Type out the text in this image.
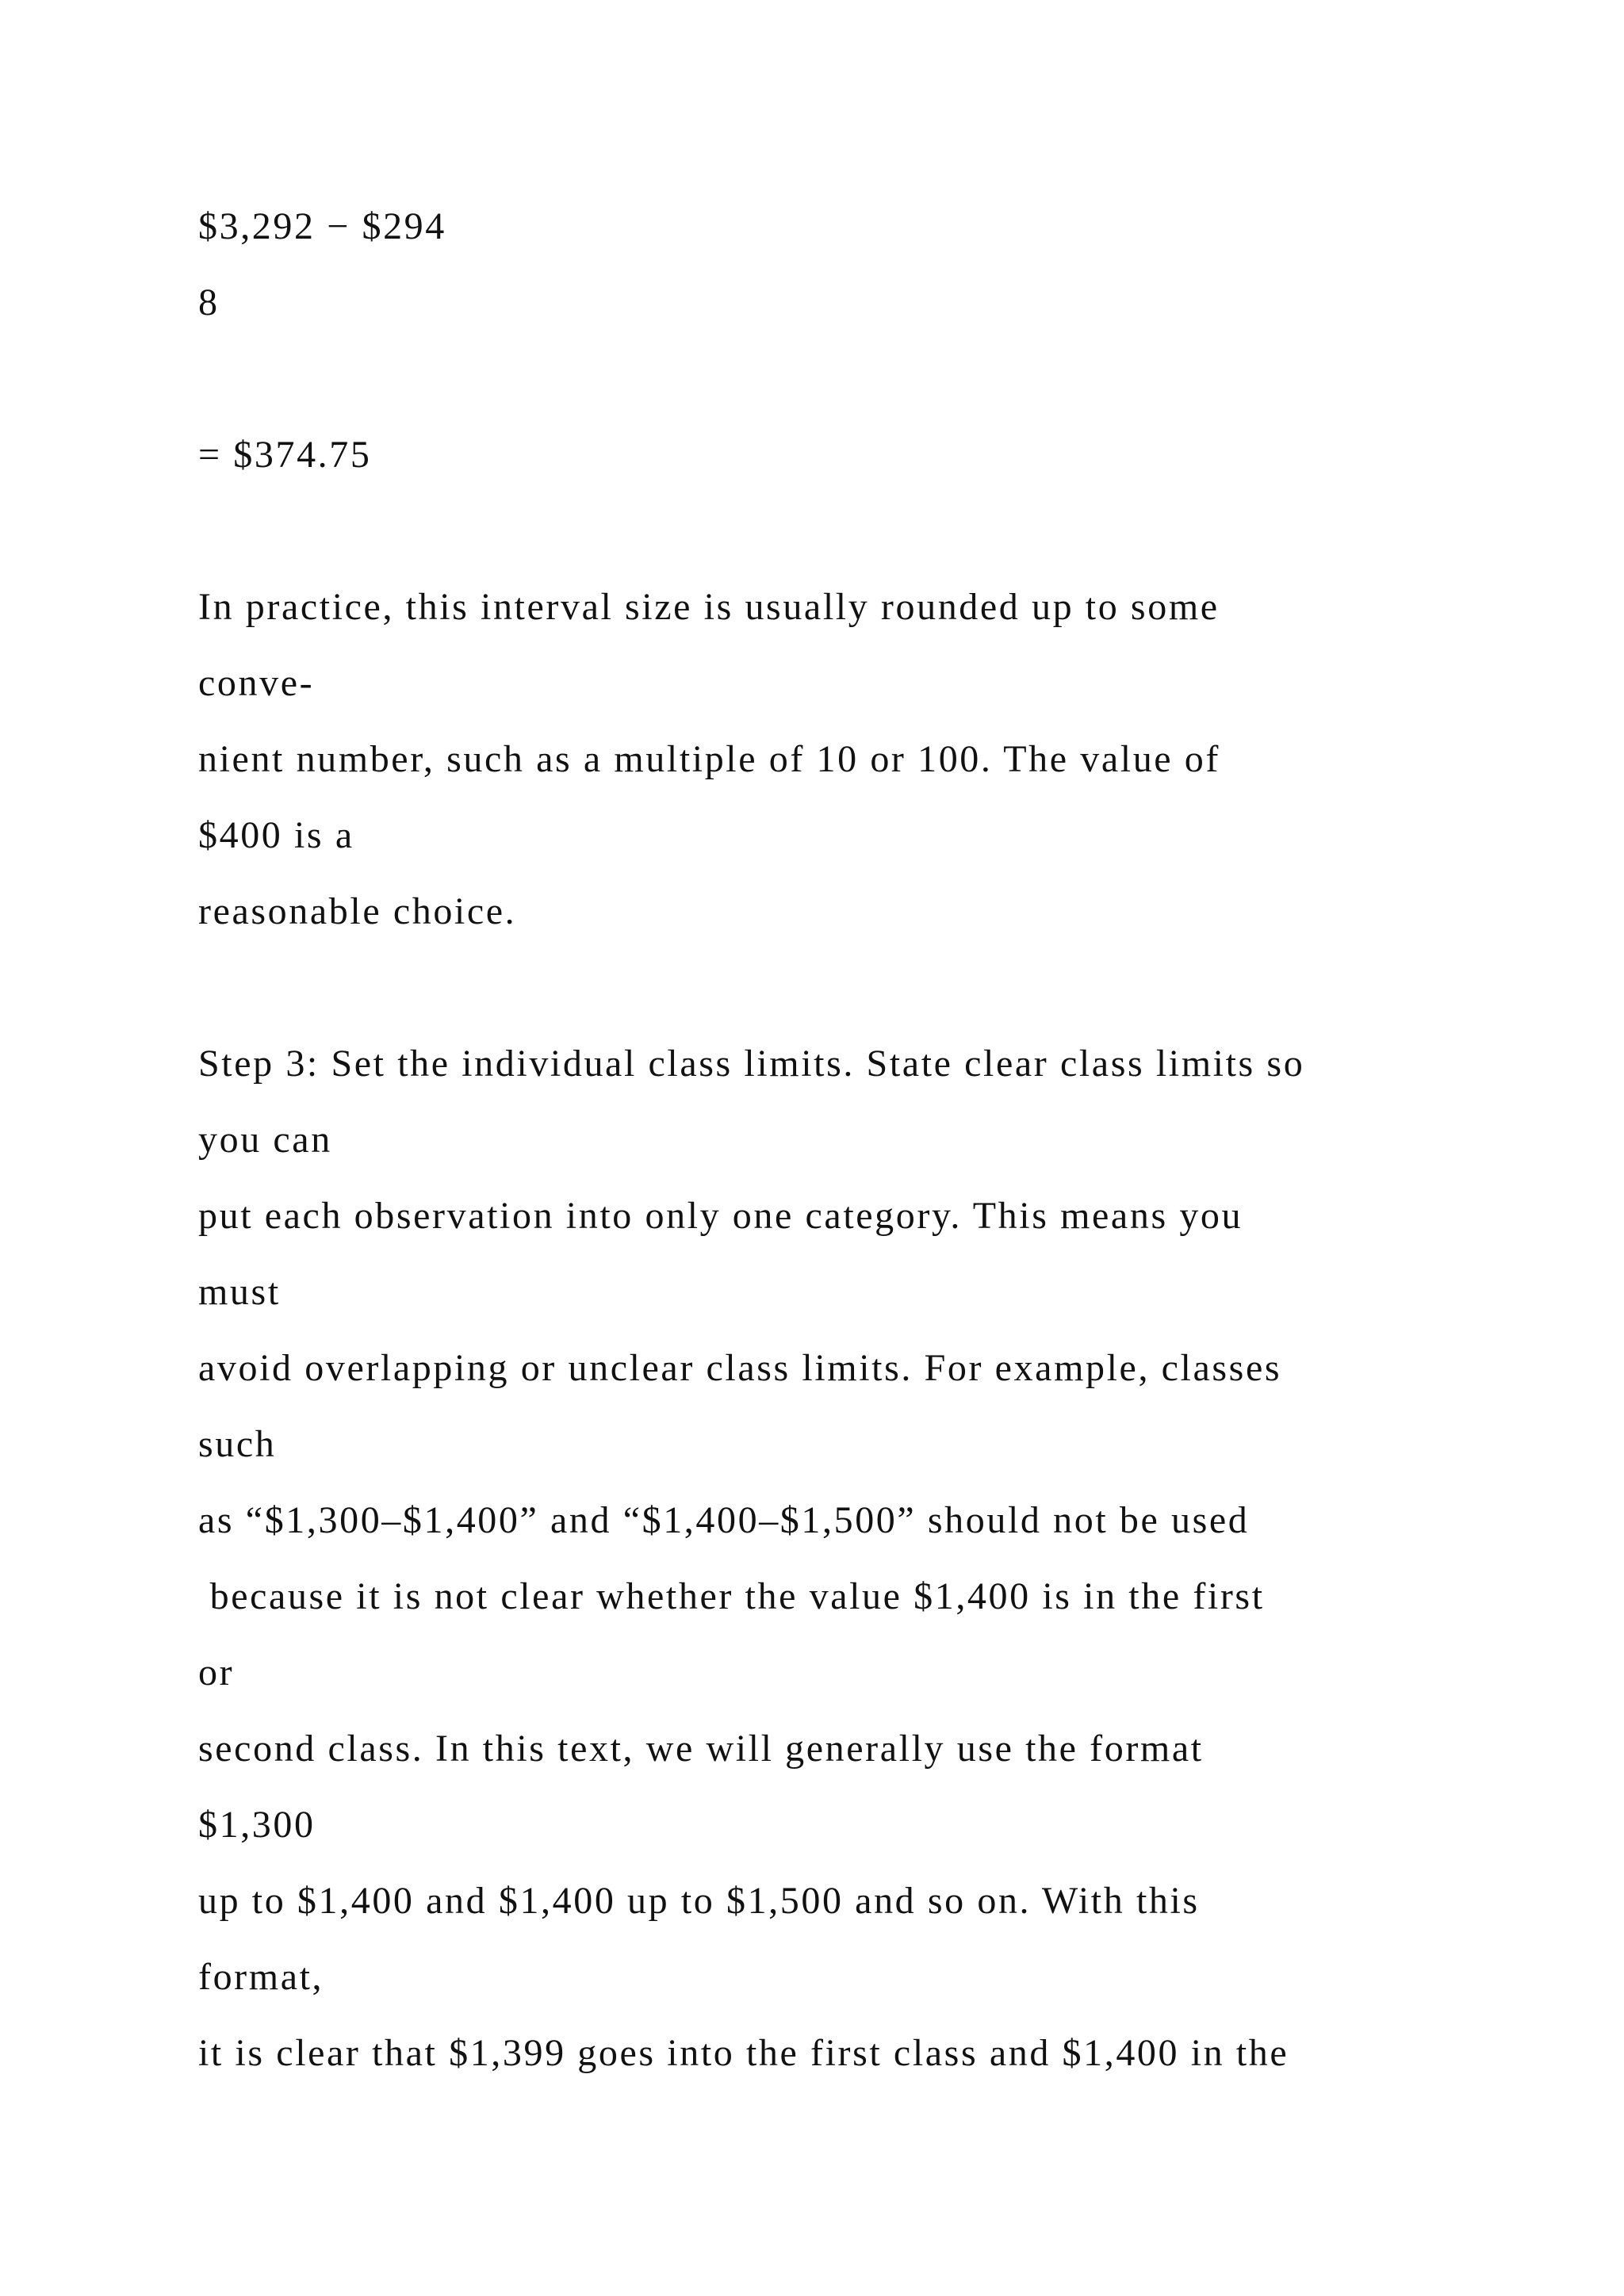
$3,292 − $294
8
= $374.75
In practice, this interval size is usually rounded up to some
conve-
nient number, such as a multiple of 10 or 100. The value of
$400 is a
reasonable choice.
Step 3: Set the individual class limits. State clear class limits so
you can
put each observation into only one category. This means you
must
avoid overlapping or unclear class limits. For example, classes
such
as “$1,300–$1,400” and “$1,400–$1,500” should not be used
because it is not clear whether the value $1,400 is in the first
or
second class. In this text, we will generally use the format
$1,300
up to $1,400 and $1,400 up to $1,500 and so on. With this
format,
it is clear that $1,399 goes into the first class and $1,400 in the
